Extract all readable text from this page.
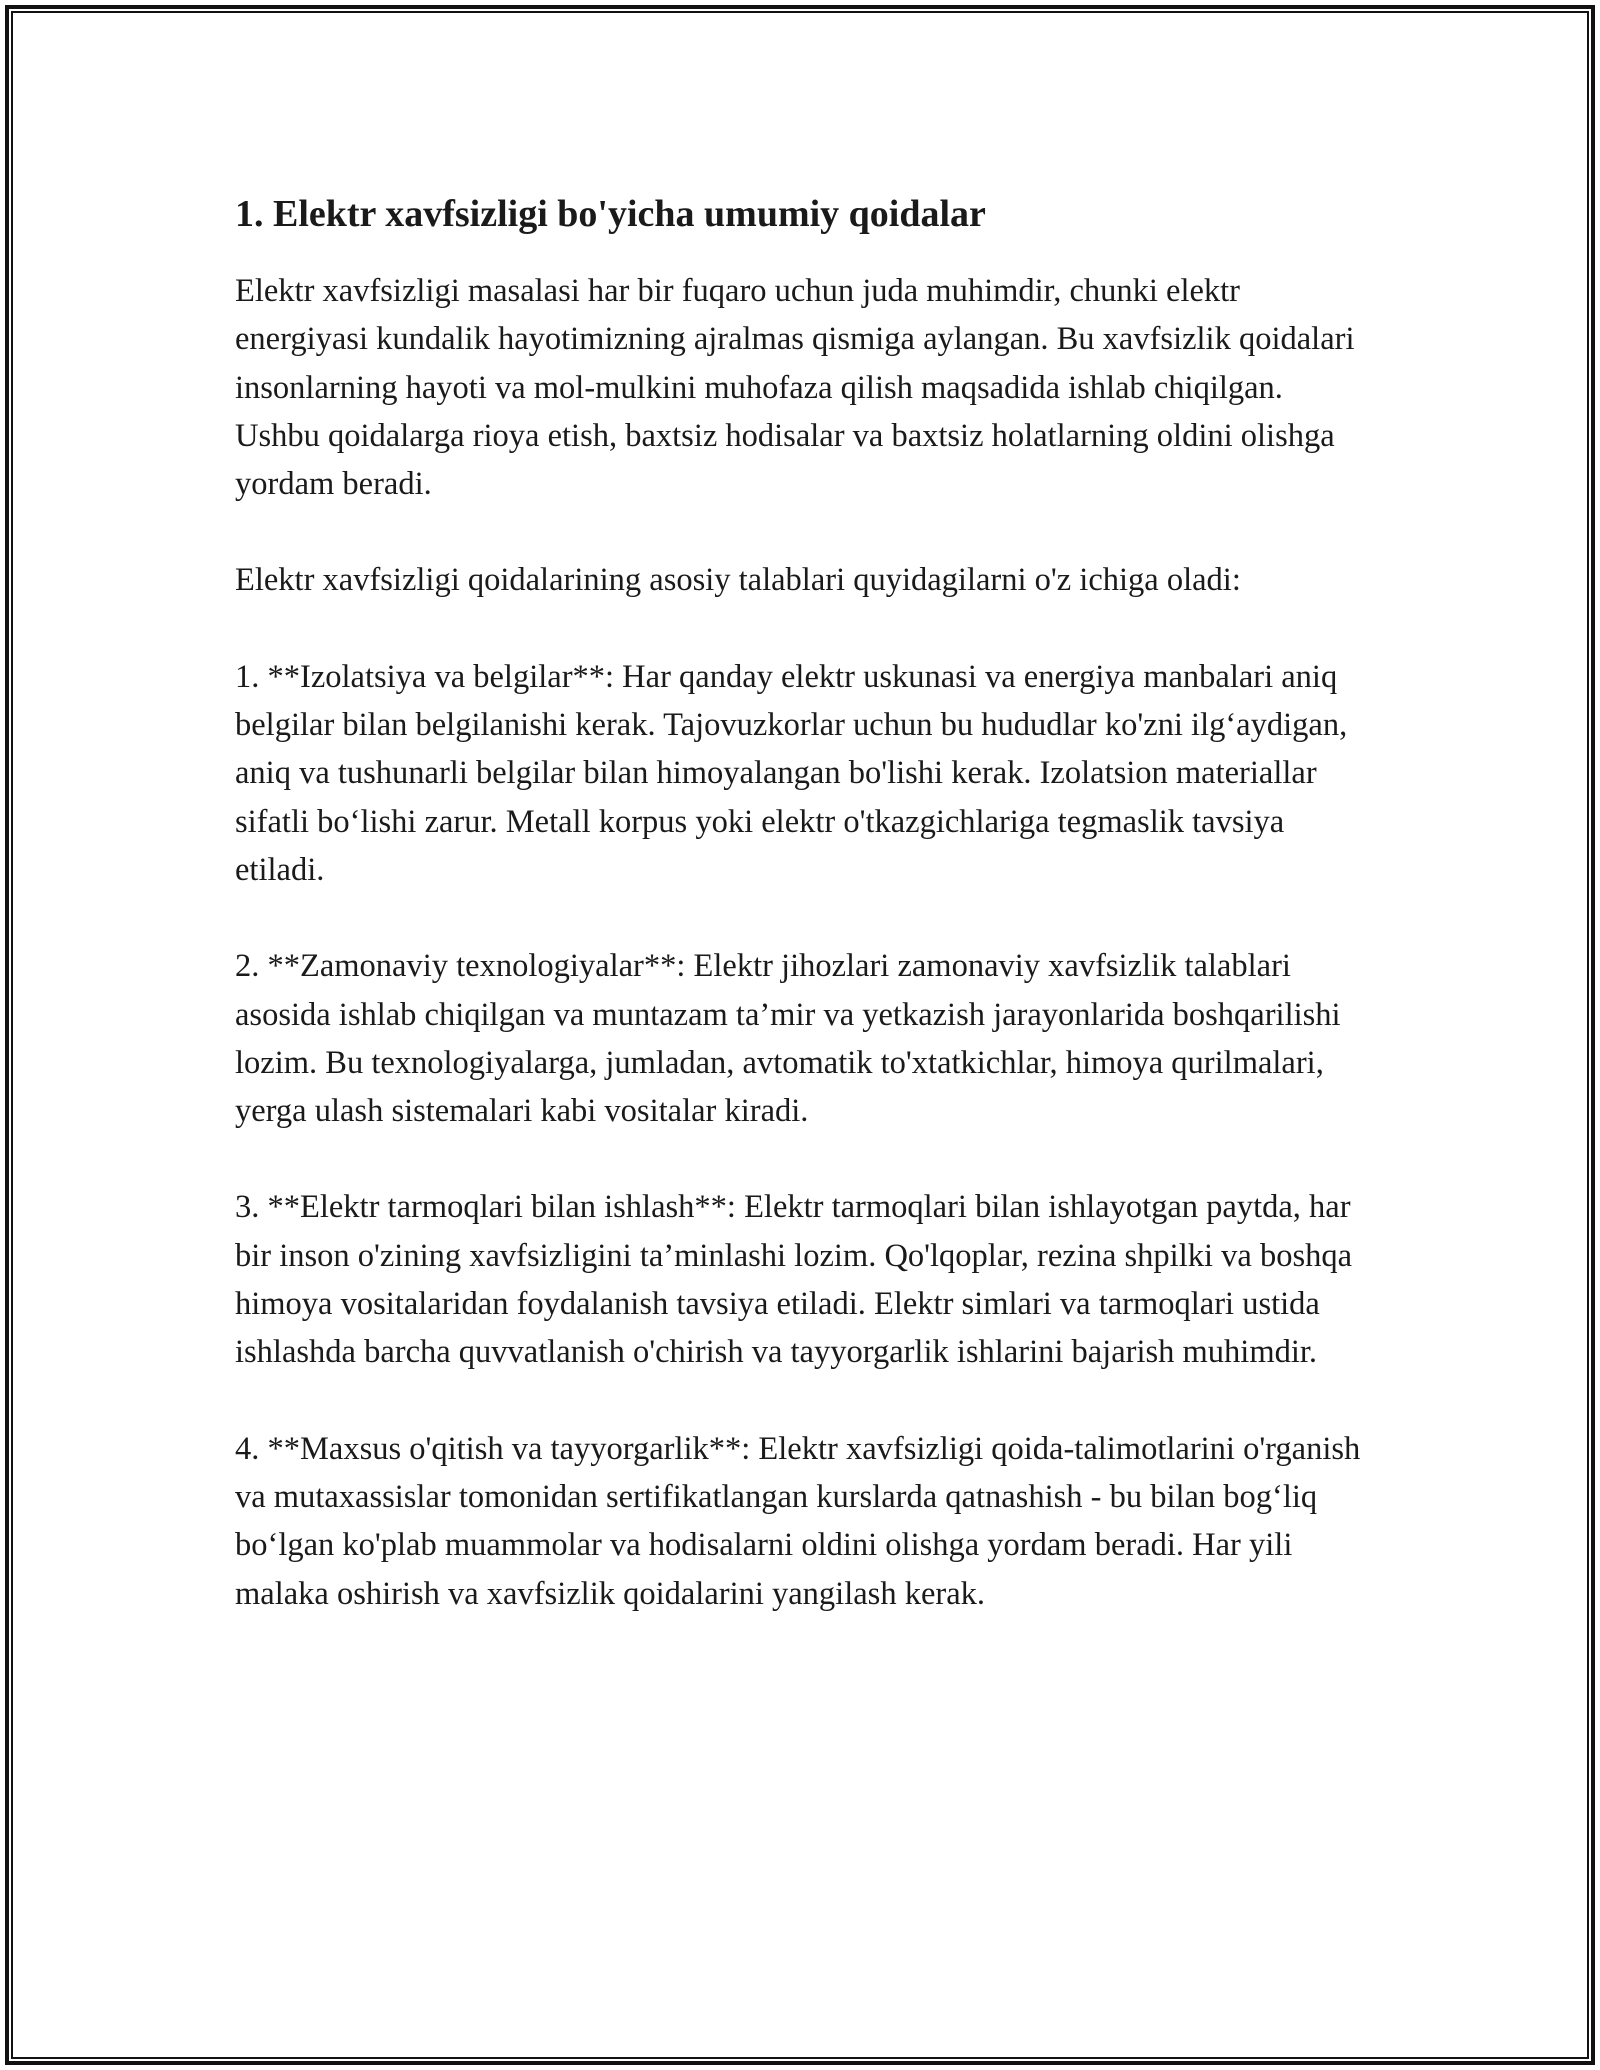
1. Elektr xavfsizligi bo'yicha umumiy qoidalar

Elektr xavfsizligi masalasi har bir fuqaro uchun juda muhimdir, chunki elektr energiyasi kundalik hayotimizning ajralmas qismiga aylangan. Bu xavfsizlik qoidalari insonlarning hayoti va mol-mulkini muhofaza qilish maqsadida ishlab chiqilgan. Ushbu qoidalarga rioya etish, baxtsiz hodisalar va baxtsiz holatlarning oldini olishga yordam beradi.

Elektr xavfsizligi qoidalarining asosiy talablari quyidagilarni o'z ichiga oladi:

1. **Izolatsiya va belgilar**: Har qanday elektr uskunasi va energiya manbalari aniq belgilar bilan belgilanishi kerak. Tajovuzkorlar uchun bu hududlar ko'zni ilg‘aydigan, aniq va tushunarli belgilar bilan himoyalangan bo'lishi kerak. Izolatsion materiallar sifatli bo‘lishi zarur. Metall korpus yoki elektr o'tkazgichlariga tegmaslik tavsiya etiladi.

2. **Zamonaviy texnologiyalar**: Elektr jihozlari zamonaviy xavfsizlik talablari asosida ishlab chiqilgan va muntazam ta’mir va yetkazish jarayonlarida boshqarilishi lozim. Bu texnologiyalarga, jumladan, avtomatik to'xtatkichlar, himoya qurilmalari, yerga ulash sistemalari kabi vositalar kiradi.

3. **Elektr tarmoqlari bilan ishlash**: Elektr tarmoqlari bilan ishlayotgan paytda, har bir inson o'zining xavfsizligini ta’minlashi lozim. Qo'lqoplar, rezina shpilki va boshqa himoya vositalaridan foydalanish tavsiya etiladi. Elektr simlari va tarmoqlari ustida ishlashda barcha quvvatlanish o'chirish va tayyorgarlik ishlarini bajarish muhimdir.

4. **Maxsus o'qitish va tayyorgarlik**: Elektr xavfsizligi qoida-talimotlarini o'rganish va mutaxassislar tomonidan sertifikatlangan kurslarda qatnashish - bu bilan bog‘liq bo‘lgan ko'plab muammolar va hodisalarni oldini olishga yordam beradi. Har yili malaka oshirish va xavfsizlik qoidalarini yangilash kerak.
